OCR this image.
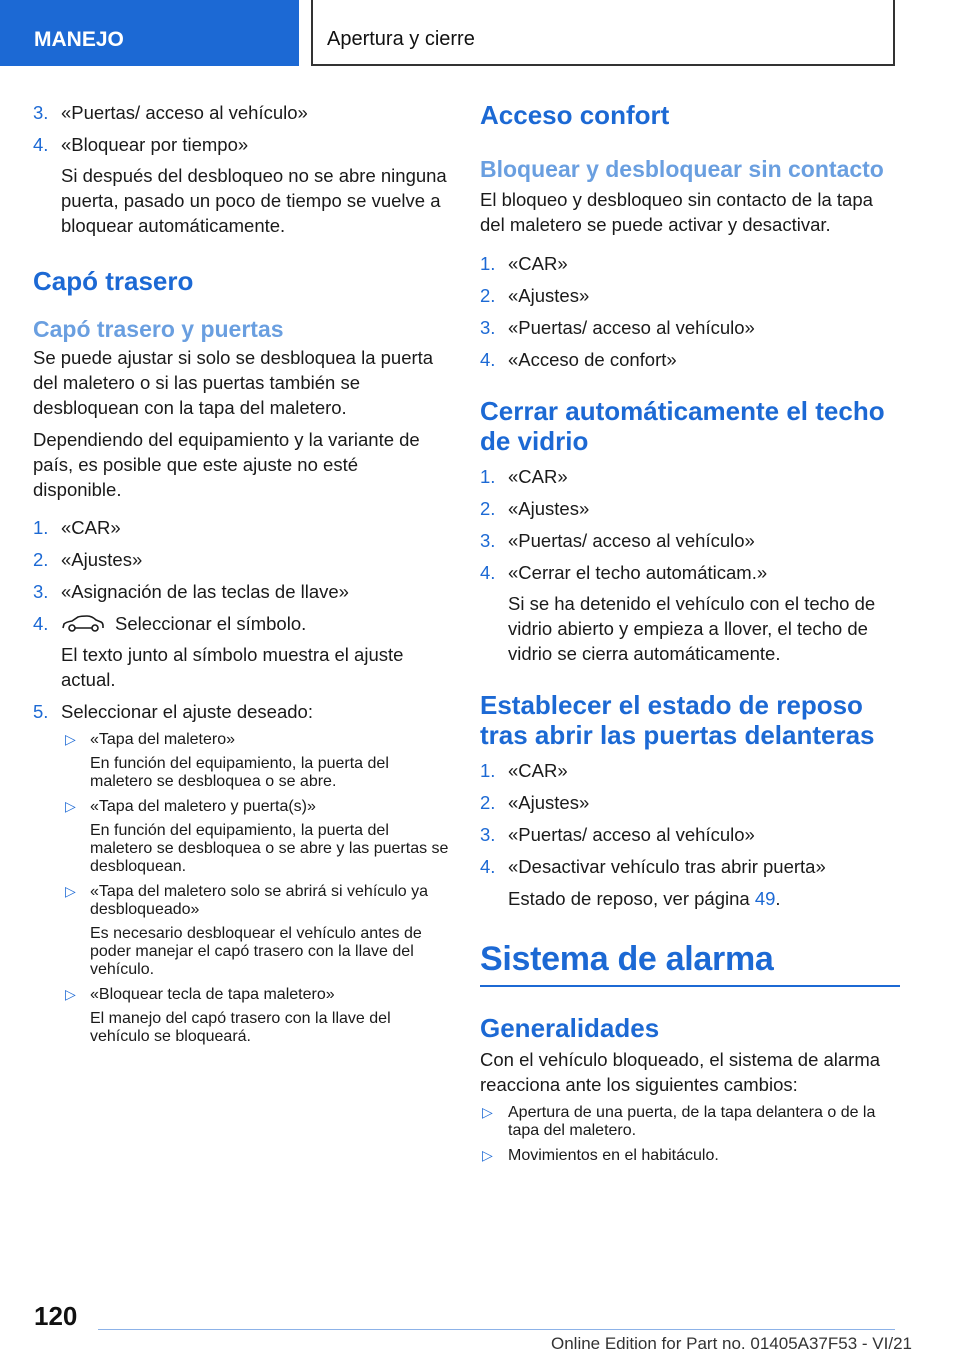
MANEJO	Apertura y cierre
3. «Puertas/ acceso al vehículo»
4. «Bloquear por tiempo»
Si después del desbloqueo no se abre ninguna puerta, pasado un poco de tiempo se vuelve a bloquear automáticamente.
Capó trasero
Capó trasero y puertas

Se puede ajustar si solo se desbloquea la puerta del maletero o si las puertas también se desbloquean con la tapa del maletero.

Dependiendo del equipamiento y la variante de país, es posible que este ajuste no esté disponible.

1. «CAR»
2. «Ajustes»
3. «Asignación de las teclas de llave»
4.	Seleccionar el símbolo.
El texto junto al símbolo muestra el ajuste actual.
5. Seleccionar el ajuste deseado:
▷ «Tapa del maletero»
En función del equipamiento, la puerta del maletero se desbloquea o se abre.
▷ «Tapa del maletero y puerta(s)»
En función del equipamiento, la puerta del maletero se desbloquea o se abre y las puertas se desbloquean.
▷ «Tapa del maletero solo se abrirá si vehículo ya desbloqueado»
Es necesario desbloquear el vehículo antes de poder manejar el capó trasero con la llave del vehículo.
▷ «Bloquear tecla de tapa maletero»
El manejo del capó trasero con la llave del vehículo se bloqueará.
Acceso confort
Bloquear y desbloquear sin contacto

El bloqueo y desbloqueo sin contacto de la tapa del maletero se puede activar y desactivar.

1. «CAR»
2. «Ajustes»
3. «Puertas/ acceso al vehículo»
4. «Acceso de confort»
Cerrar automáticamente el techo de vidrio
1. «CAR»
2. «Ajustes»
3. «Puertas/ acceso al vehículo»
4. «Cerrar el techo automáticam.»
Si se ha detenido el vehículo con el techo de vidrio abierto y empieza a llover, el techo de vidrio se cierra automáticamente.
Establecer el estado de reposo tras abrir las puertas delanteras
1. «CAR»
2. «Ajustes»
3. «Puertas/ acceso al vehículo»
4. «Desactivar vehículo tras abrir puerta»
Estado de reposo, ver página 49.
Sistema de alarma
Generalidades

Con el vehículo bloqueado, el sistema de alarma reacciona ante los siguientes cambios:

▷ Apertura de una puerta, de la tapa delantera o de la tapa del maletero.
▷ Movimientos en el habitáculo.
120
Online Edition for Part no. 01405A37F53 - VI/21
